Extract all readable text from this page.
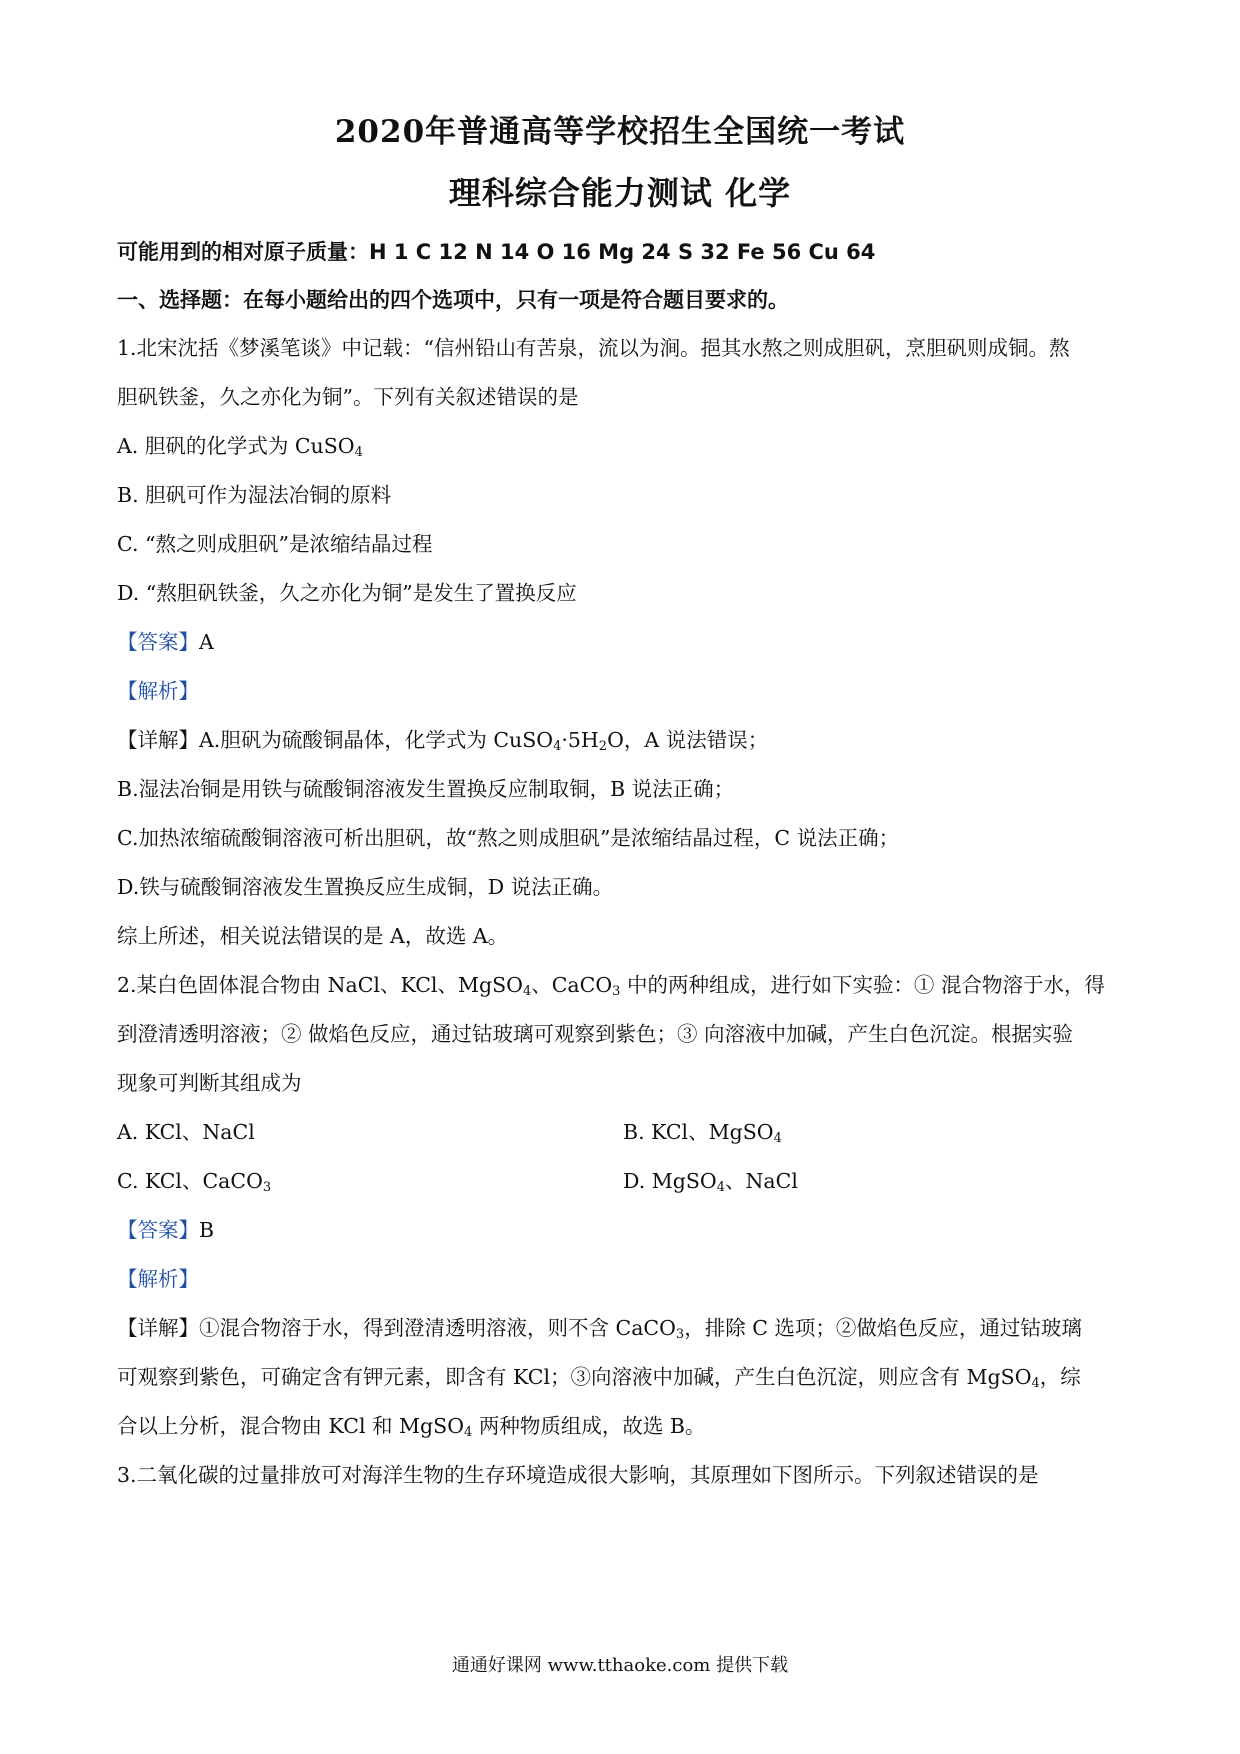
2020年普通高等学校招生全国统一考试
理科综合能力测试 化学
可能用到的相对原子质量：H 1 C 12 N 14 O 16 Mg 24 S 32 Fe 56 Cu 64
一、选择题：在每小题给出的四个选项中，只有一项是符合题目要求的。
1.北宋沈括《梦溪笔谈》中记载：“信州铅山有苦泉，流以为涧。挹其水熬之则成胆矾，烹胆矾则成铜。熬
胆矾铁釜，久之亦化为铜”。下列有关叙述错误的是
A. 胆矾的化学式为 CuSO$_4$
B. 胆矾可作为湿法冶铜的原料
C. “熬之则成胆矾”是浓缩结晶过程
D. “熬胆矾铁釜，久之亦化为铜”是发生了置换反应
【答案】A
【解析】
【详解】A.胆矾为硫酸铜晶体，化学式为 $CuSO_4\cdot 5H_2O$，A 说法错误；
B.湿法冶铜是用铁与硫酸铜溶液发生置换反应制取铜，B 说法正确；
C.加热浓缩硫酸铜溶液可析出胆矾，故“熬之则成胆矾”是浓缩结晶过程，C 说法正确；
D.铁与硫酸铜溶液发生置换反应生成铜，D 说法正确。
综上所述，相关说法错误的是 A，故选 A。
2.某白色固体混合物由 NaCl、KCl、MgSO$_4$、CaCO$_3$ 中的两种组成，进行如下实验：① 混合物溶于水，得
到澄清透明溶液；② 做焰色反应，通过钴玻璃可观察到紫色；③ 向溶液中加碱，产生白色沉淀。根据实验
现象可判断其组成为
A. KCl、NaCl	B. KCl、MgSO$_4$
C. KCl、CaCO$_3$	D. MgSO$_4$、NaCl
【答案】B
【解析】
【详解】①混合物溶于水，得到澄清透明溶液，则不含 CaCO$_3$，排除 C 选项；②做焰色反应，通过钴玻璃
可观察到紫色，可确定含有钾元素，即含有 KCl；③向溶液中加碱，产生白色沉淀，则应含有 MgSO$_4$，综
合以上分析，混合物由 KCl 和 MgSO$_4$ 两种物质组成，故选 B。
3.二氧化碳的过量排放可对海洋生物的生存环境造成很大影响，其原理如下图所示。下列叙述错误的是
通通好课网 www.tthaoke.com 提供下载
